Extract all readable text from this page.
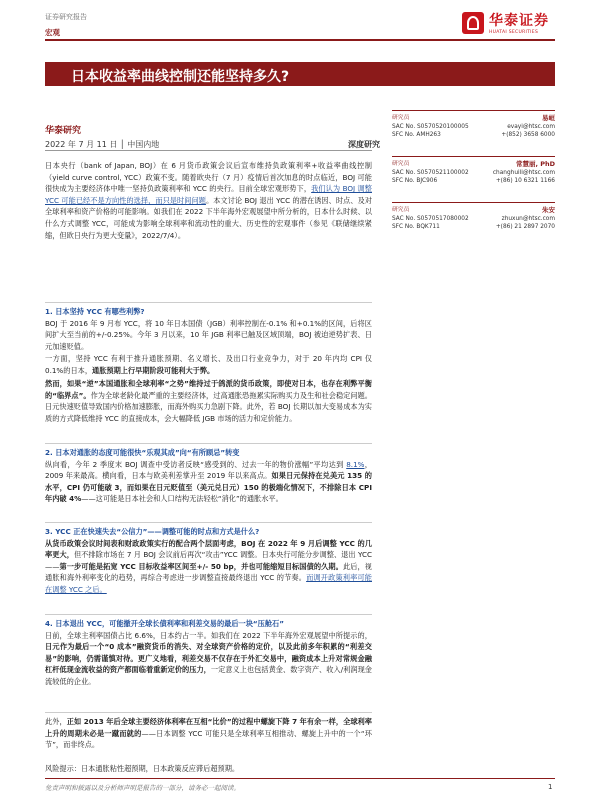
证券研究报告
宏观
华泰证券
HUATAI SECURITIES
日本收益率曲线控制还能坚持多久?
华泰研究
2022 年 7 月 11 日 │ 中国内地	深度研究

日本央行（bank of Japan, BOJ）在 6 月货币政策会议后宣布维持负政策利率+收益率曲线控制（yield curve control, YCC）政策不变。随着欧央行（7 月）疫情后首次加息的时点临近，BOJ 可能很快成为主要经济体中唯一坚持负政策利率和 YCC 的央行。目前全球宏观形势下，我们认为 BOJ 调整 YCC 可能已经不是方向性的选择，而只是时间问题。本文讨论 BOJ 退出 YCC 的潜在诱因、时点、及对全球利率和资产价格的可能影响。如我们在 2022 下半年海外宏观展望中所分析的，日本什么时候、以什么方式调整 YCC，可能成为影响全球利率和流动性的重大、历史性的宏观事件（参见《联储继续紧缩，但欧日央行为更大变量》，2022/7/4）。

1. 日本坚持 YCC 有哪些利弊?

BOJ 于 2016 年 9 月布 YCC，将 10 年日本国债（JGB）利率控制在-0.1% 和+0.1%的区间，后将区间扩大至当前的+/-0.25%。今年 3 月以来，10 年 JGB 利率已触及区域顶端，BOJ 被迫逆势扩表、日元加速贬值。

一方面，坚持 YCC 有利于推升通胀预期、名义增长、及出口行业竞争力，对于 20 年内均 CPI 仅 0.1%的日本，通胀预期上行早期阶段可能利大于弊。

然而，如果“逆”本国通胀和全球利率“之势”维持过于鸽派的货币政策，即使对日本，也存在利弊平衡的“临界点”。作为全球老龄化最严重的主要经济体，过高通胀恐拖累实际购买力及生和社会稳定问题。日元快速贬值导致国内价格加速膨胀，而海外购买力急剧下降。此外，若 BOJ 长期以加大变易成本为实质的方式降低维持 YCC 的直接成本，会大幅降低 JGB 市场的活力和定价能力。

2. 日本对通胀的态度可能很快“乐观其成”向“有所顾忌”转变

纵向看，今年 2 季度末 BOJ 调查中受访者反映“感受到的、过去一年的物价涨幅”平均达到 8.1%，2009 年来最高。横向看，日本与欧美利差掌升至 2019 年以来高点。如果日元保持在兑美元 135 的水平，CPI 仍可能破 3，而如果在日元贬值至（美元兑日元）150 的极端化情况下，不排除日本 CPI 年内破 4%——这可能是日本社会和人口结构无法轻松“消化”的通胀水平。

3. YCC 正在快速失去“公信力”——调整可能的时点和方式是什么?

从货币政策会议时间表和财政政策实行的配合两个层面考虑，BOJ 在 2022 年 9 月后调整 YCC 的几率更大，但不排除市场在 7 月 BOJ 会议前后再次“攻击”YCC 调整。日本央行可能分步调整、退出 YCC——第一步可能是拓宽 YCC 目标收益率区间至+/- 50 bp，并也可能缩短目标国债的久期。此后，视通胀和海外利率变化的趋势，再综合考虑进一步调整直接最终退出 YCC 的节奏。而调开政策利率可能在调整 YCC 之后。

4. 日本退出 YCC，可能撤开全球长债利率和利差交易的最后一块“压舱石”

日前，全球主利率国债占比 6.6%，日本约占一半。如我们在 2022 下半年海外宏观展望中所提示的，日元作为最后一个“0 成本”融资货币的消失、对全球资产价格的定价，以及此前多年积累的“利差交易”的影响，仍需谨慎对待。更广义地看，利差交易不仅存在于外汇交易中，融资成本上升对常规金融杠杆低现金流收益的资产都面临着重新定价的压力，一定意义上也包括黄金、数字资产、收入/利润现金流较低的企业。

此外，正如 2013 年后全球主要经济体利率在互相“比价”的过程中螺旋下降 7 年有余一样，全球利率上升的周期未必是一蹴而就的——日本调整 YCC 可能只是全球利率互相推动、螺旋上升中的一个“环节”，而非终点。

风险提示：日本通胀粘性超预期，日本政策反应滞后超预期。
研究员	易峘
SAC No. S0570520100005	evayi@htsc.com
SFC No. AMH263	+(852) 3658 6000
研究员	常慧丽, PhD
SAC No. S0570521100002	changhuili@htsc.com
SFC No. BJC906	+(86) 10 6321 1166
研究员	朱安
SAC No. S0570517080002	zhuxun@htsc.com
SFC No. BQK711	+(86) 21 2897 2070
免责声明和披露以及分析师声明是报告的一部分，请务必一起阅读。	1
